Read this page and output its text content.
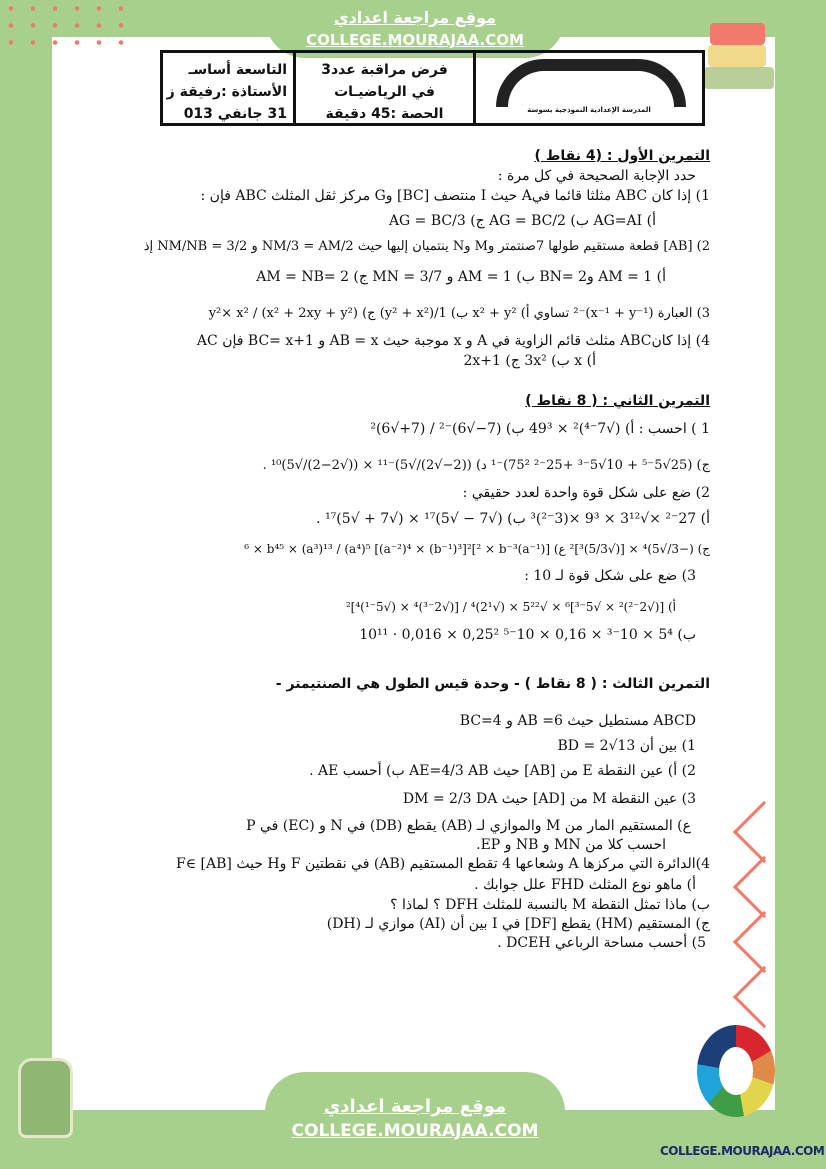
موقع مراجعة اعدادي
COLLEGE.MOURAJAA.COM
التاسعة أساسـ
الأستاذة :رفيقة ز
31 جانفي 013
فرض مراقبة عدد3
في الرياضيـات
الحصة :45 دقيقة	المدرسة الإعدادية النموذجية بسوسة
التمرين الأول : (4 نقاط )
حدد الإجابة الصحيحة في كل مرة :
1) إذا كان ABC مثلثا قائما فيA حيث I منتصف [BC] وG مركز ثقل المثلث ABC فإن :
أ) AG=AI ب) AG = BC/2 ج) AG = BC/3
2) [AB] قطعة مستقيم طولها 7صنتمتر وM وN ينتميان إليها حيث NM/3 = AM/2 و NM/NB = 3/2 إذ
أ) AM = 1 وBN= 2 ب) AM = 1 و MN = 3/7 ج) AM = NB= 2
3) العبارة (x⁻¹ + y⁻¹)⁻² تساوي أ) x² + y² ب) 1/(y² + x²) ج) y²× x² / (x² + 2xy + y²)
4) إذا كانABC مثلث قائم الزاوية في A و x موجبة حيث AB = x و BC= x+1 فإن AC
أ) x ب) 3x² ج) 2x+1
التمرين الثاني : ( 8 نقاط )
1 ) احسب : أ) (√7⁻⁴)² × 49³ ب) (7−√6)⁻² / (7+√6)²
ج) (25√5⁻⁵ + 10√5⁻³ +25⁻² 75²)⁻¹ د) ((2−√2)/√5)⁻¹¹ × ((√2−2)/√5)¹⁰ .
2) ضع على شكل قوة واحدة لعدد حقيقي :
أ) 27⁻² ×√3¹² × 9³ ×(3⁻²)³ ب) (√7 − √5)¹⁷ × (√7 + √5)¹⁷ .
ج) (−3/√5)⁴ × [(√5/3)³]² ع) [(a⁻¹)² × b⁻³]⁶ × b⁴⁵ × (a³)¹³ / (a⁴)⁵ [(a⁻²)⁴ × (b⁻¹)³]²
3) ضع على شكل قوة لـ 10 :
أ) [(√2⁻²)² × √5⁻³]⁶ × √5²² × (√2¹)⁴ / [(√2⁻³)⁴ × (√5⁻¹)⁴]²
ب) 5⁴ × 10⁻³ × 0,16 × 10⁻⁵ 0,25² × 0,016 · 10¹¹
التمرين الثالث : ( 8 نقاط ) - وحدة قيس الطول هي الصنتيمتر -
ABCD مستطيل حيث AB =6 و BC=4
1) بين أن BD = 2√13
2) أ) عين النقطة E من [AB] حيث AE=4/3 AB ب) أحسب AE .
3) عين النقطة M من [AD] حيث DM = 2/3 DA
ع) المستقيم المار من M والموازي لـ (AB) يقطع (DB) في N و (EC) في P
احسب كلا من MN و NB و EP.
4)الدائرة التي مركزها A وشعاعها 4 تقطع المستقيم (AB) في نقطتين F وH حيث F∈ [AB]
أ) ماهو نوع المثلث FHD علل جوابك .
ب) ماذا تمثل النقطة M بالنسبة للمثلث DFH ؟ لماذا ؟
ج) المستقيم (HM) يقطع [DF] في I بين أن (AI) موازي لـ (DH)
5) أحسب مساحة الرباعي DCEH .
موقع مراجعة اعدادي
COLLEGE.MOURAJAA.COM
COLLEGE.MOURAJAA.COM
